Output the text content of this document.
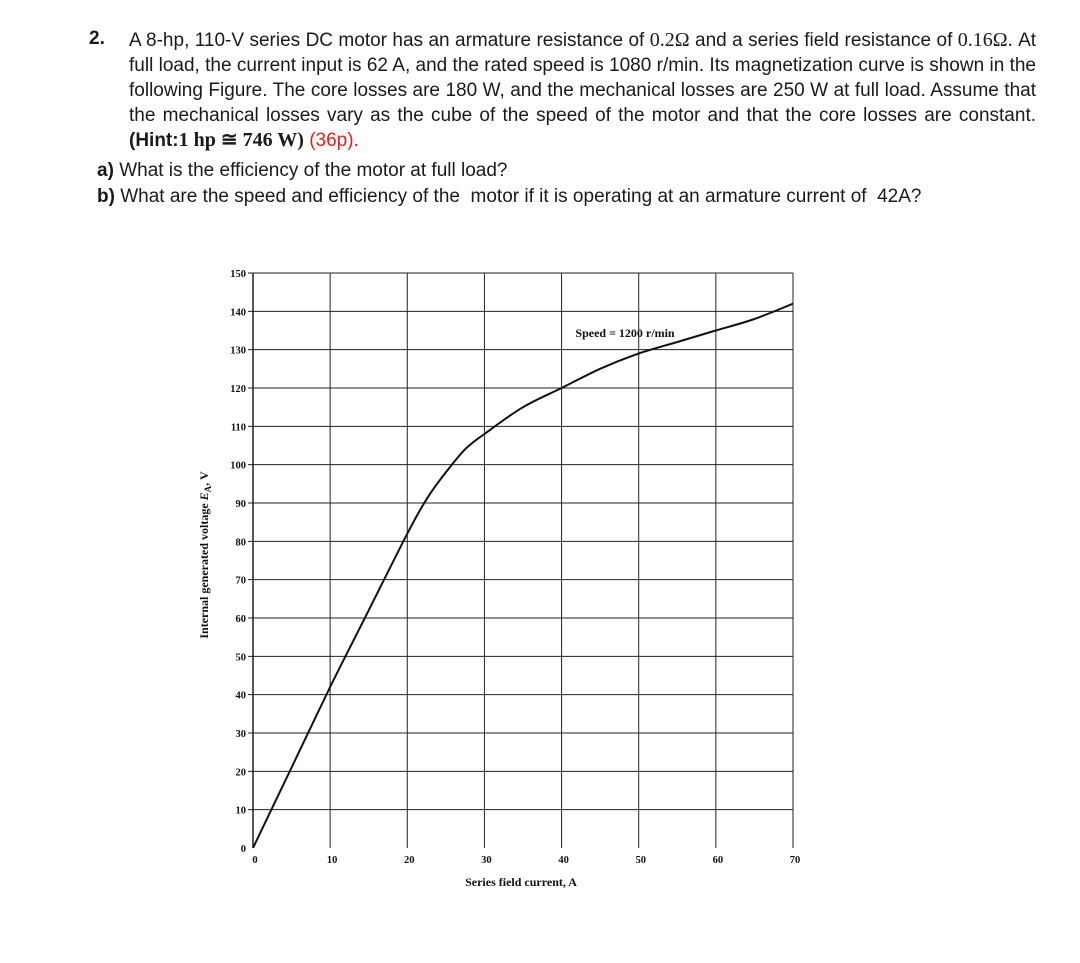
2. A 8-hp, 110-V series DC motor has an armature resistance of 0.2Ω and a series field resistance of 0.16Ω. At full load, the current input is 62 A, and the rated speed is 1080 r/min. Its magnetization curve is shown in the following Figure. The core losses are 180 W, and the mechanical losses are 250 W at full load. Assume that the mechanical losses vary as the cube of the speed of the motor and that the core losses are constant. (Hint:1 hp ≅ 746 W) (36p).
a) What is the efficiency of the motor at full load?
b) What are the speed and efficiency of the  motor if it is operating at an armature current of  42A?
0
10
20
30
40
50
60
70
80
90
100
110
120
130
140
150
0	10	20	30	40	50	60	70
Speed = 1200 r/min
Series field current, A
Internal generated voltage $E_A$, V
